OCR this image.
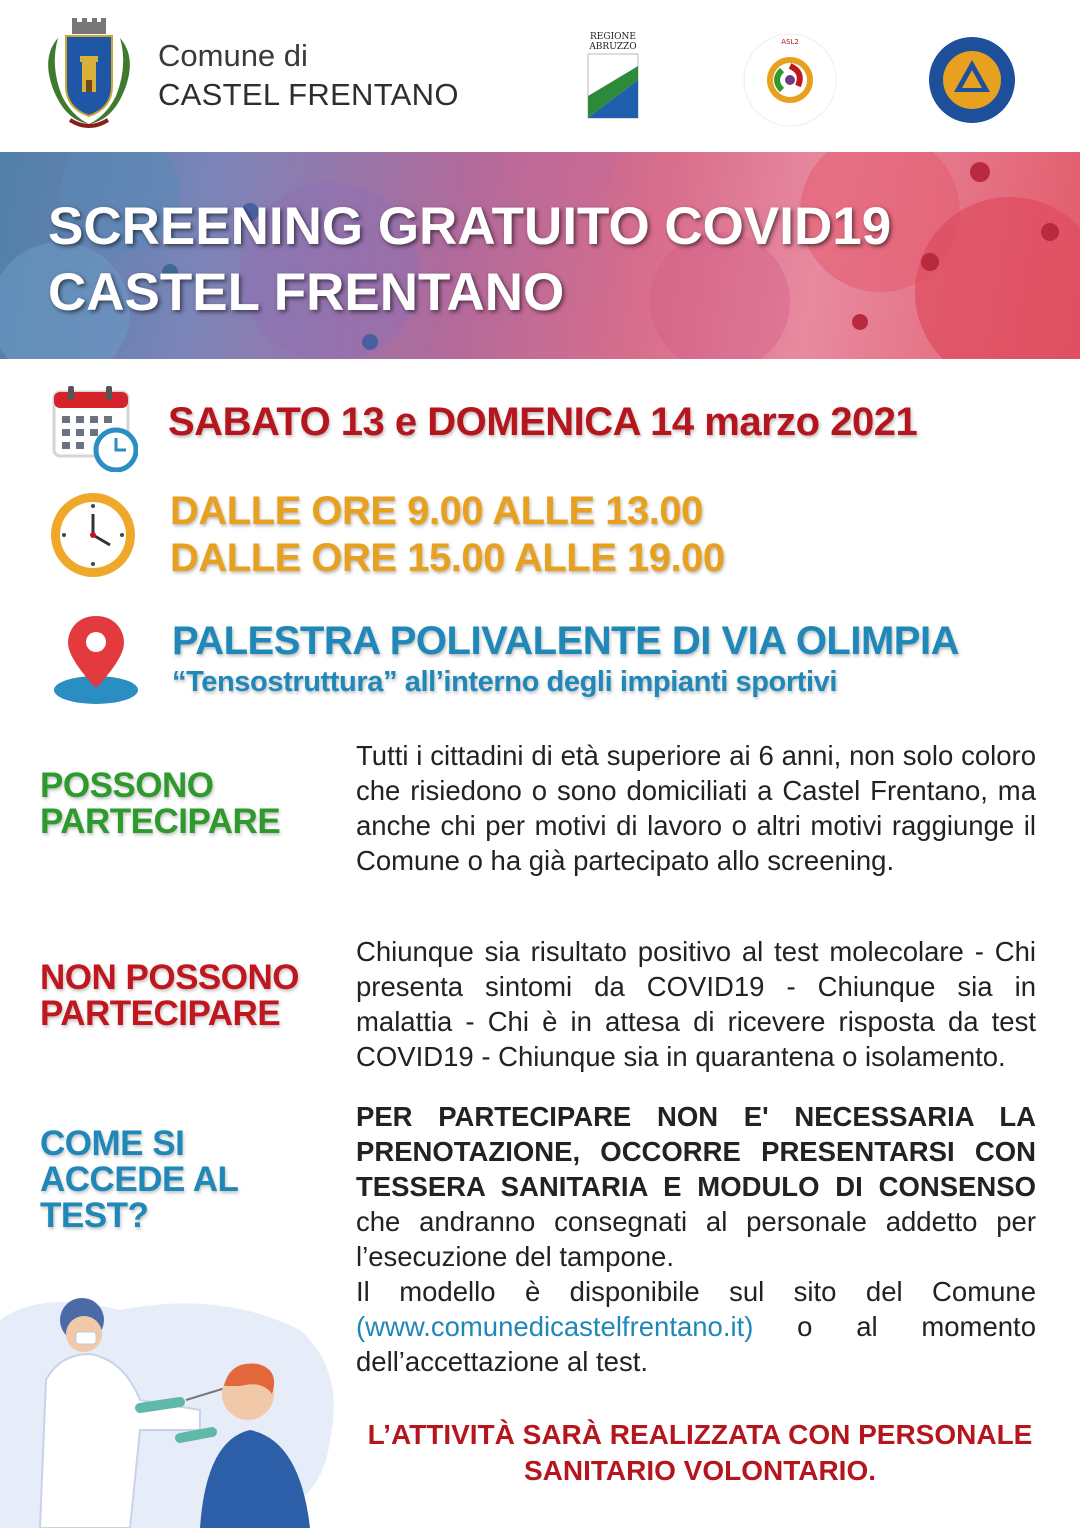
Comune di
CASTEL FRENTANO
REGIONE
ABRUZZO	ASL2
SCREENING GRATUITO COVID19
CASTEL FRENTANO
SABATO 13 e DOMENICA 14 marzo 2021
DALLE ORE 9.00 ALLE 13.00
DALLE ORE 15.00 ALLE 19.00
PALESTRA POLIVALENTE DI VIA OLIMPIA
“Tensostruttura” all’interno degli impianti sportivi
POSSONO
PARTECIPARE
Tutti i cittadini di età superiore ai 6 anni, non solo coloro che risiedono o sono domiciliati a Castel Frentano, ma anche chi per motivi di lavoro o altri motivi raggiunge il Comune o ha già partecipato allo screening.
NON POSSONO
PARTECIPARE
Chiunque sia risultato positivo al test molecolare - Chi presenta sintomi da COVID19 - Chiunque sia in malattia - Chi è in attesa di ricevere risposta da test COVID19 - Chiunque sia in quarantena o isolamento.
COME SI
ACCEDE AL
TEST?
PER PARTECIPARE NON E' NECESSARIA LA PRENOTAZIONE, OCCORRE PRESENTARSI CON TESSERA SANITARIA E MODULO DI CONSENSO che andranno consegnati al personale addetto per l’esecuzione del tampone.
Il modello è disponibile sul sito del Comune (www.comunedicastelfrentano.it) o al momento dell’accettazione al test.
L’ATTIVITÀ SARÀ REALIZZATA CON PERSONALE
SANITARIO VOLONTARIO.
